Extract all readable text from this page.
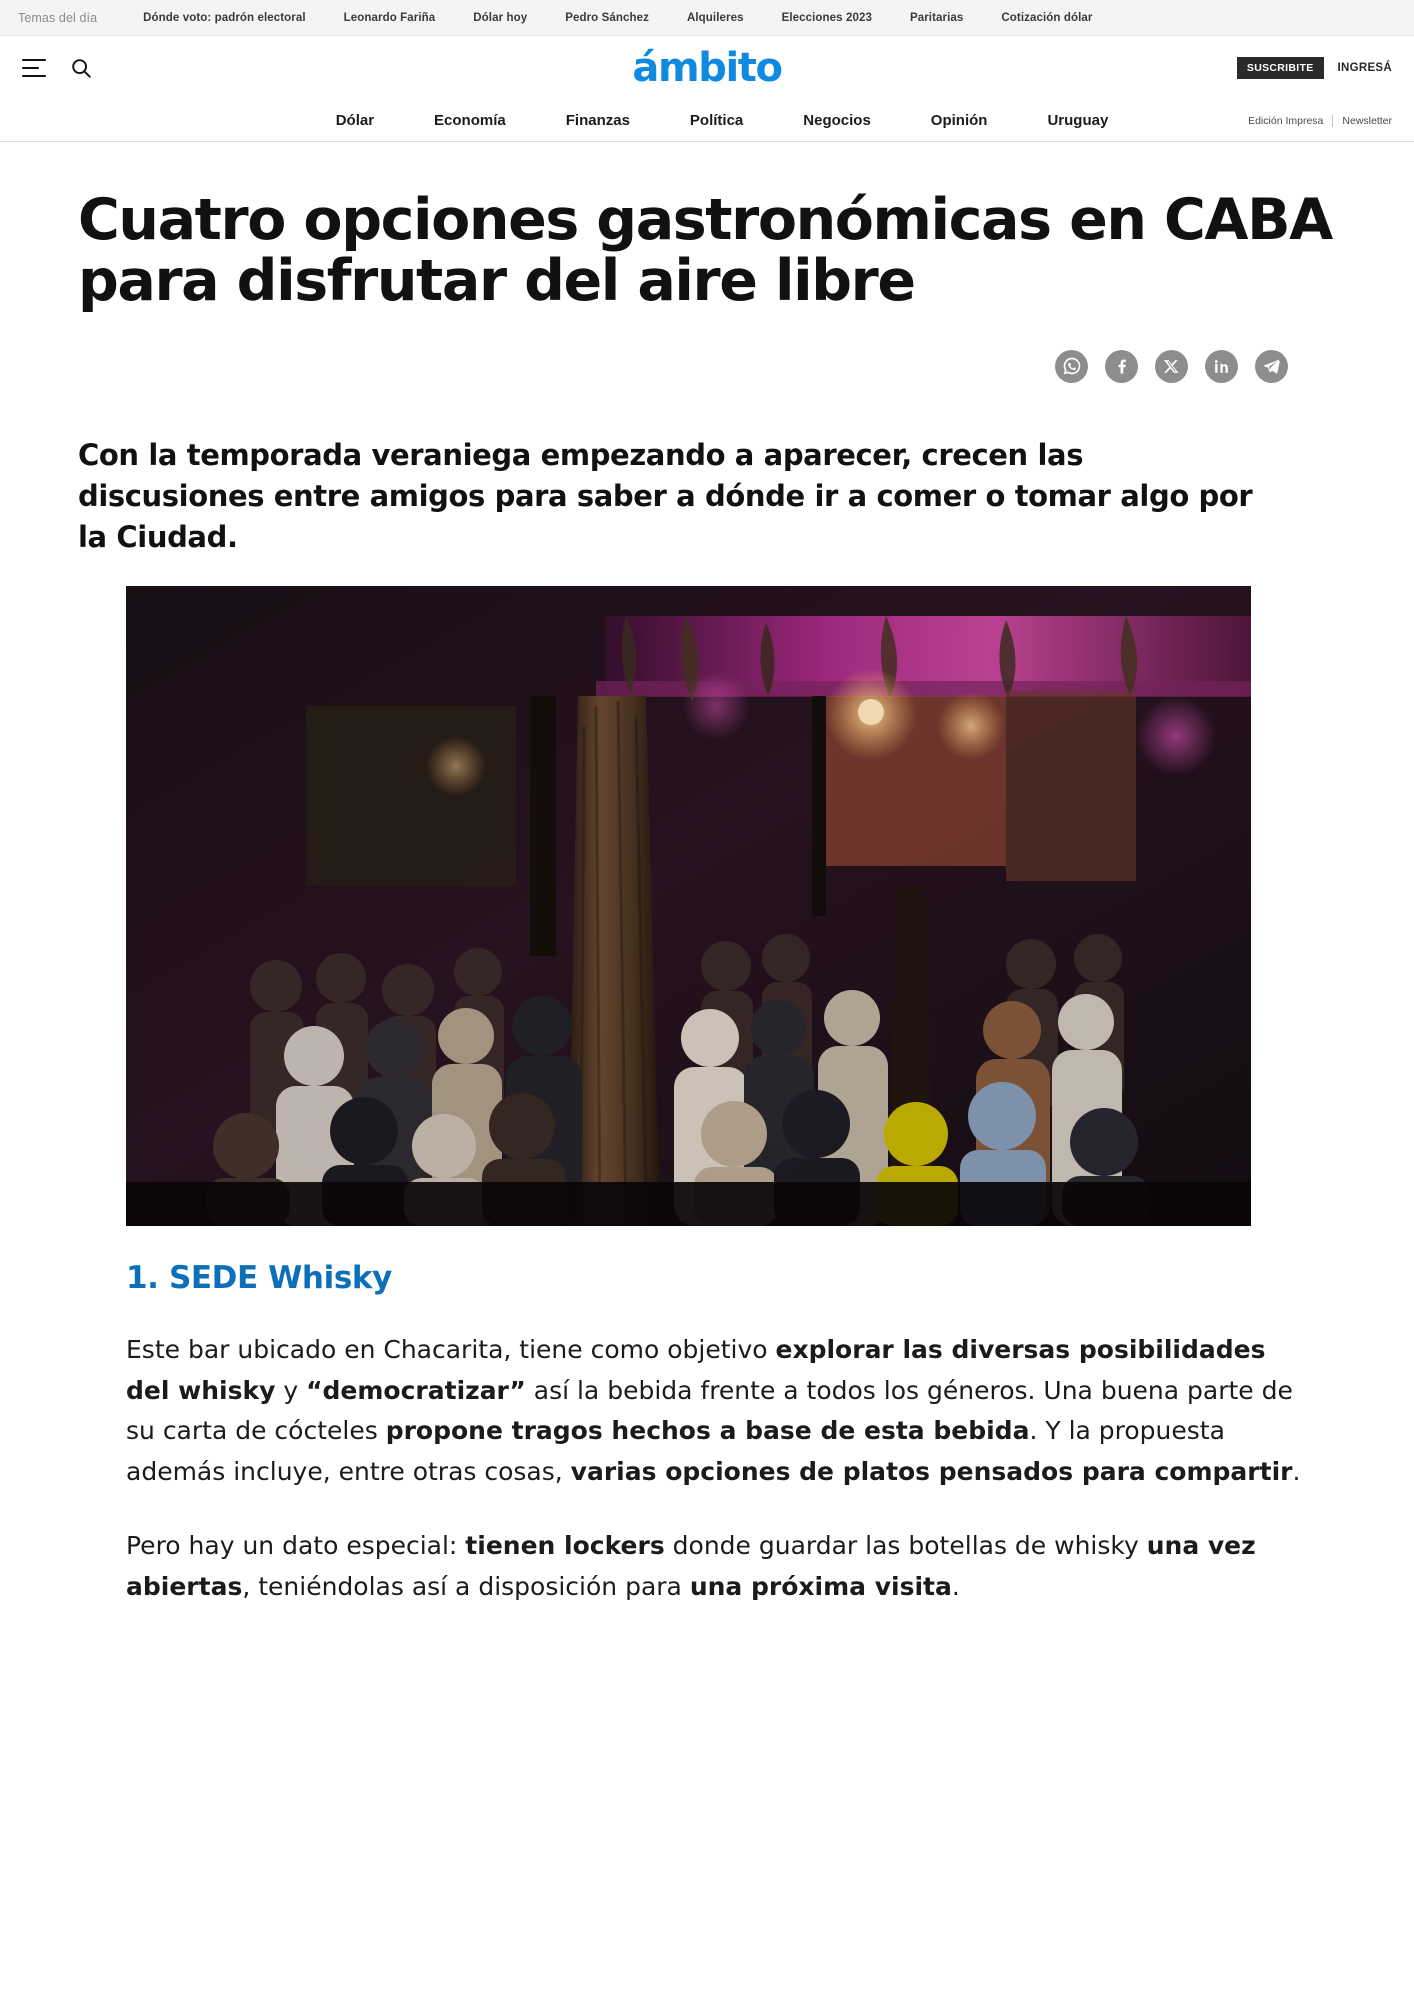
Temas del día	Dónde voto: padrón electoral	Leonardo Fariña	Dólar hoy	Pedro Sánchez	Alquileres	Elecciones 2023	Paritarias	Cotización dólar
ámbito	SUSCRIBITE	INGRESÁ
Dólar	Economía	Finanzas	Política	Negocios	Opinión	Uruguay	Edición Impresa Newsletter
Cuatro opciones gastronómicas en CABA para disfrutar del aire libre

Con la temporada veraniega empezando a aparecer, crecen las discusiones entre amigos para saber a dónde ir a comer o tomar algo por la Ciudad.

1. SEDE Whisky

Este bar ubicado en Chacarita, tiene como objetivo explorar las diversas posibilidades del whisky y “democratizar” así la bebida frente a todos los géneros. Una buena parte de su carta de cócteles propone tragos hechos a base de esta bebida. Y la propuesta además incluye, entre otras cosas, varias opciones de platos pensados para compartir.

Pero hay un dato especial: tienen lockers donde guardar las botellas de whisky una vez abiertas, teniéndolas así a disposición para una próxima visita.
